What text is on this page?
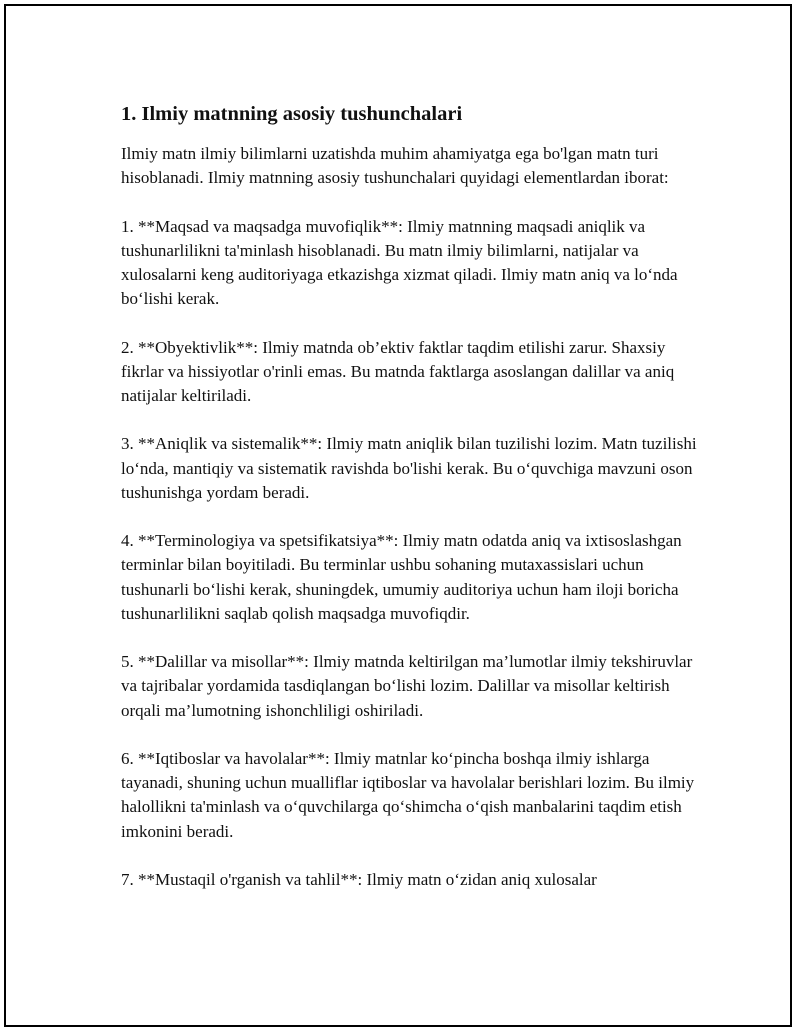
1. Ilmiy matnning asosiy tushunchalari

Ilmiy matn ilmiy bilimlarni uzatishda muhim ahamiyatga ega bo'lgan matn turi hisoblanadi. Ilmiy matnning asosiy tushunchalari quyidagi elementlardan iborat:

1. **Maqsad va maqsadga muvofiqlik**: Ilmiy matnning maqsadi aniqlik va tushunarlilikni ta'minlash hisoblanadi. Bu matn ilmiy bilimlarni, natijalar va xulosalarni keng auditoriyaga etkazishga xizmat qiladi. Ilmiy matn aniq va lo‘nda bo‘lishi kerak.

2. **Obyektivlik**: Ilmiy matnda ob’ektiv faktlar taqdim etilishi zarur. Shaxsiy fikrlar va hissiyotlar o'rinli emas. Bu matnda faktlarga asoslangan dalillar va aniq natijalar keltiriladi.

3. **Aniqlik va sistemalik**: Ilmiy matn aniqlik bilan tuzilishi lozim. Matn tuzilishi lo‘nda, mantiqiy va sistematik ravishda bo'lishi kerak. Bu o‘quvchiga mavzuni oson tushunishga yordam beradi.

4. **Terminologiya va spetsifikatsiya**: Ilmiy matn odatda aniq va ixtisoslashgan terminlar bilan boyitiladi. Bu terminlar ushbu sohaning mutaxassislari uchun tushunarli bo‘lishi kerak, shuningdek, umumiy auditoriya uchun ham iloji boricha tushunarlilikni saqlab qolish maqsadga muvofiqdir.

5. **Dalillar va misollar**: Ilmiy matnda keltirilgan ma’lumotlar ilmiy tekshiruvlar va tajribalar yordamida tasdiqlangan bo‘lishi lozim. Dalillar va misollar keltirish orqali ma’lumotning ishonchliligi oshiriladi.

6. **Iqtiboslar va havolalar**: Ilmiy matnlar ko‘pincha boshqa ilmiy ishlarga tayanadi, shuning uchun mualliflar iqtiboslar va havolalar berishlari lozim. Bu ilmiy halollikni ta'minlash va o‘quvchilarga qo‘shimcha o‘qish manbalarini taqdim etish imkonini beradi.

7. **Mustaqil o'rganish va tahlil**: Ilmiy matn o‘zidan aniq xulosalar
